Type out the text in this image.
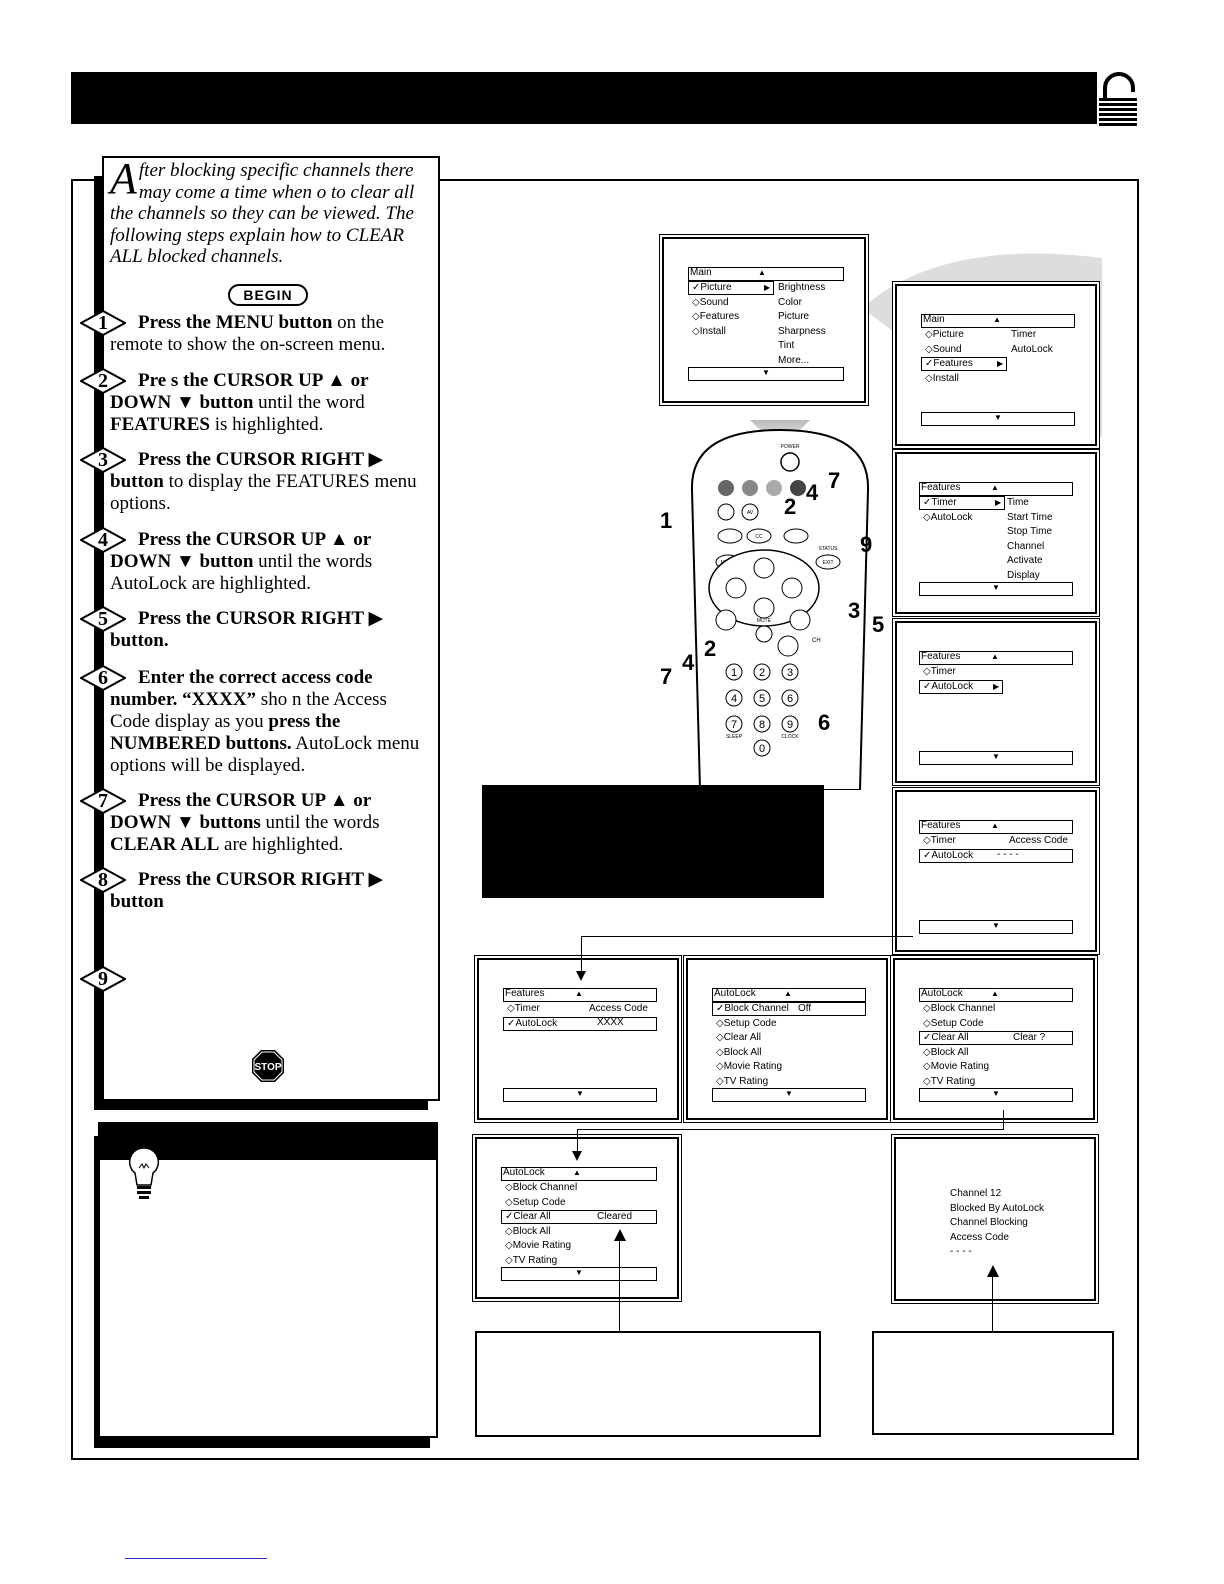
After blocking specific channels there may come a time when o to clear all the channels so they can be viewed. The following steps explain how to CLEAR ALL blocked channels.
BEGIN
1	Press the MENU button on the remote to show the on-screen menu.
2	Pre s the CURSOR UP ▲ or DOWN ▼ button until the word FEATURES is highlighted.
3	Press the CURSOR RIGHT ▶ button to display the FEATURES menu options.
4	Press the CURSOR UP ▲ or DOWN ▼ button until the words AutoLock are highlighted.
5	Press the CURSOR RIGHT ▶ button.
6	Enter the correct access code number. “XXXX” sho n the Access Code display as you press the NUMBERED buttons. AutoLock menu options will be displayed.
7	Press the CURSOR UP ▲ or DOWN ▼ buttons until the words CLEAR ALL are highlighted.
8	Press the CURSOR RIGHT ▶ button
9
STOP
POWER
AV
CC
EXIT
STATUS
MUTE
CH
1 2 3
4 5 6
7 8 9
0
SLEEP	CLOCK
1
2
4 7
9
3
5
2
4
7
6
Main	▲
✓Picture
◇Sound
◇Features
◇Install
▶ Brightness
Color
Picture
Sharpness
Tint
More...
▼
Main	▲
◇Picture
◇Sound
✓Features
◇Install
▶
Timer
AutoLock
▼
Features	▲
✓Timer
◇AutoLock
▶ Time
Start Time
Stop Time
Channel
Activate
Display
▼
Features	▲
◇Timer
✓AutoLock ▶
▼
Features	▲
◇Timer
✓AutoLock
Access Code
- - - -
▼
Features	▲
◇Timer
✓AutoLock
Access Code
XXXX
▼
AutoLock	▲
✓Block Channel
◇Setup Code
◇Clear All
◇Block All
◇Movie Rating
◇TV Rating
Off
▼
AutoLock	▲
◇Block Channel
◇Setup Code
✓Clear All
◇Block All
◇Movie Rating
◇TV Rating
Clear ?
▼
AutoLock	▲
◇Block Channel
◇Setup Code
✓Clear All
◇Block All
◇Movie Rating
◇TV Rating
Cleared
▼
Channel 12
Blocked By AutoLock
Channel Blocking
Access Code
- - - -
